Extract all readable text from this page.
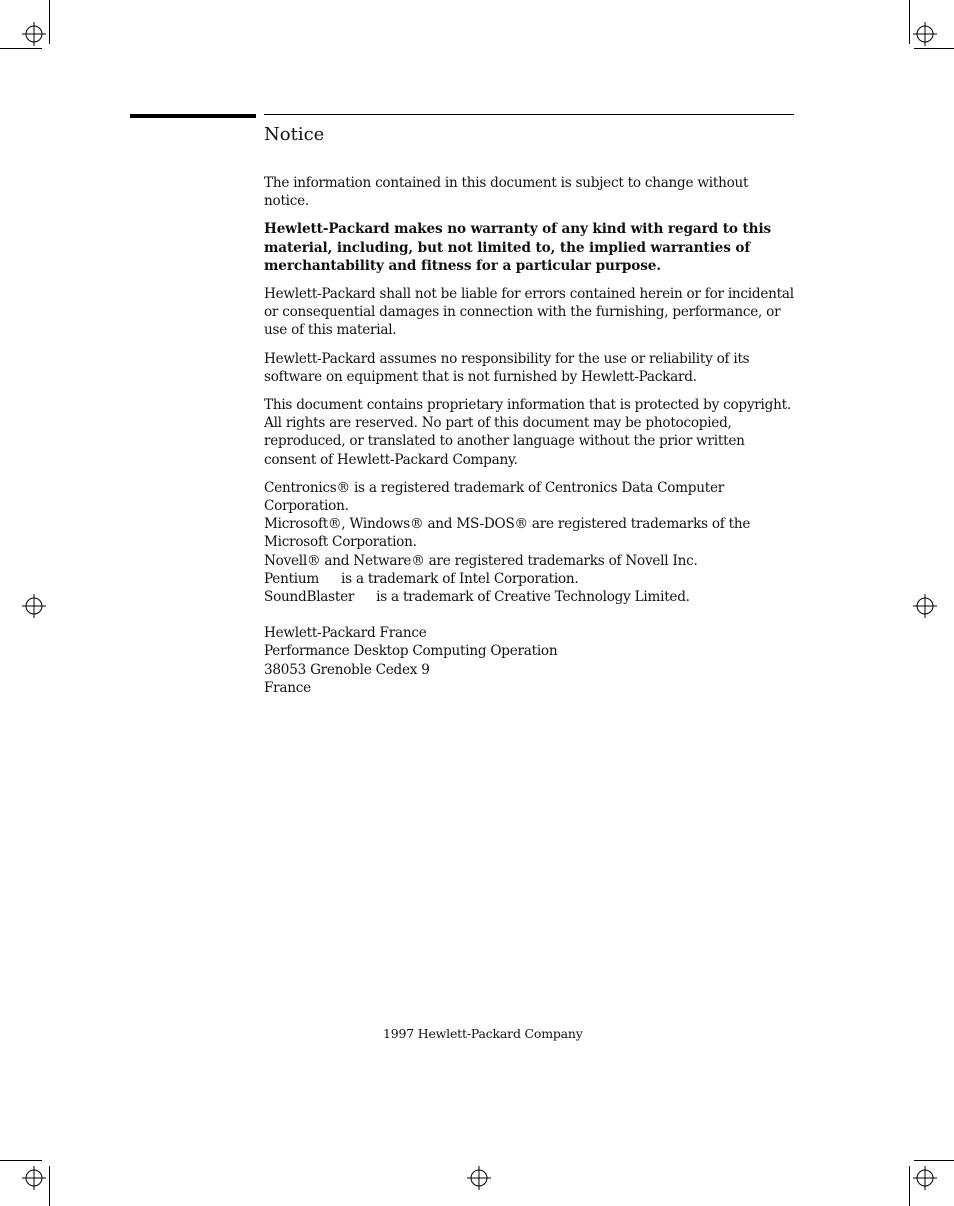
Notice

The information contained in this document is subject to change without notice.

Hewlett-Packard makes no warranty of any kind with regard to this material, including, but not limited to, the implied warranties of merchantability and fitness for a particular purpose.

Hewlett-Packard shall not be liable for errors contained herein or for incidental or consequential damages in connection with the furnishing, performance, or use of this material.

Hewlett-Packard assumes no responsibility for the use or reliability of its software on equipment that is not furnished by Hewlett-Packard.

This document contains proprietary information that is protected by copyright. All rights are reserved. No part of this document may be photocopied, reproduced, or translated to another language without the prior written consent of Hewlett-Packard Company.

Centronics® is a registered trademark of Centronics Data Computer Corporation.
Microsoft®, Windows® and MS-DOS® are registered trademarks of the Microsoft Corporation.
Novell® and Netware® are registered trademarks of Novell Inc.
Pentium is a trademark of Intel Corporation.
SoundBlaster is a trademark of Creative Technology Limited.
Hewlett-Packard France
Performance Desktop Computing Operation
38053 Grenoble Cedex 9
France
1997 Hewlett-Packard Company
